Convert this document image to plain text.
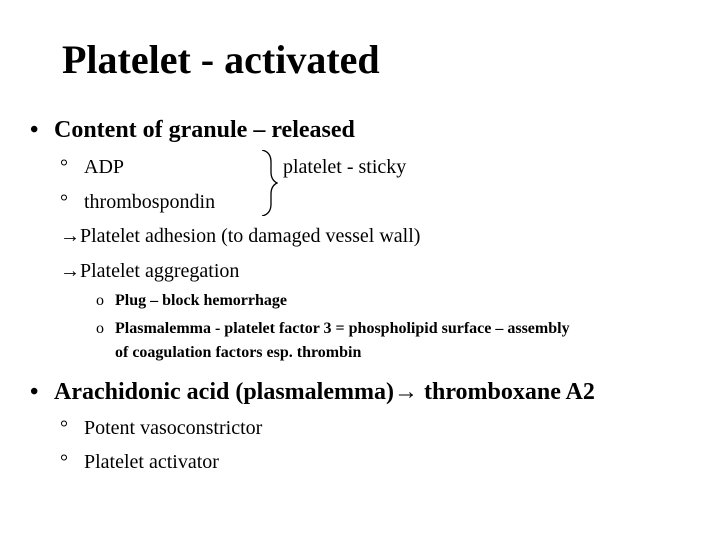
Platelet - activated
• Content of granule – released
° ADP	platelet - sticky
° thrombospondin
→Platelet adhesion (to damaged vessel wall)
→Platelet aggregation
o Plug – block hemorrhage
o Plasmalemma - platelet factor 3 = phospholipid surface – assembly
of coagulation factors esp. thrombin
• Arachidonic acid (plasmalemma)→ thromboxane A2
° Potent vasoconstrictor
° Platelet activator
